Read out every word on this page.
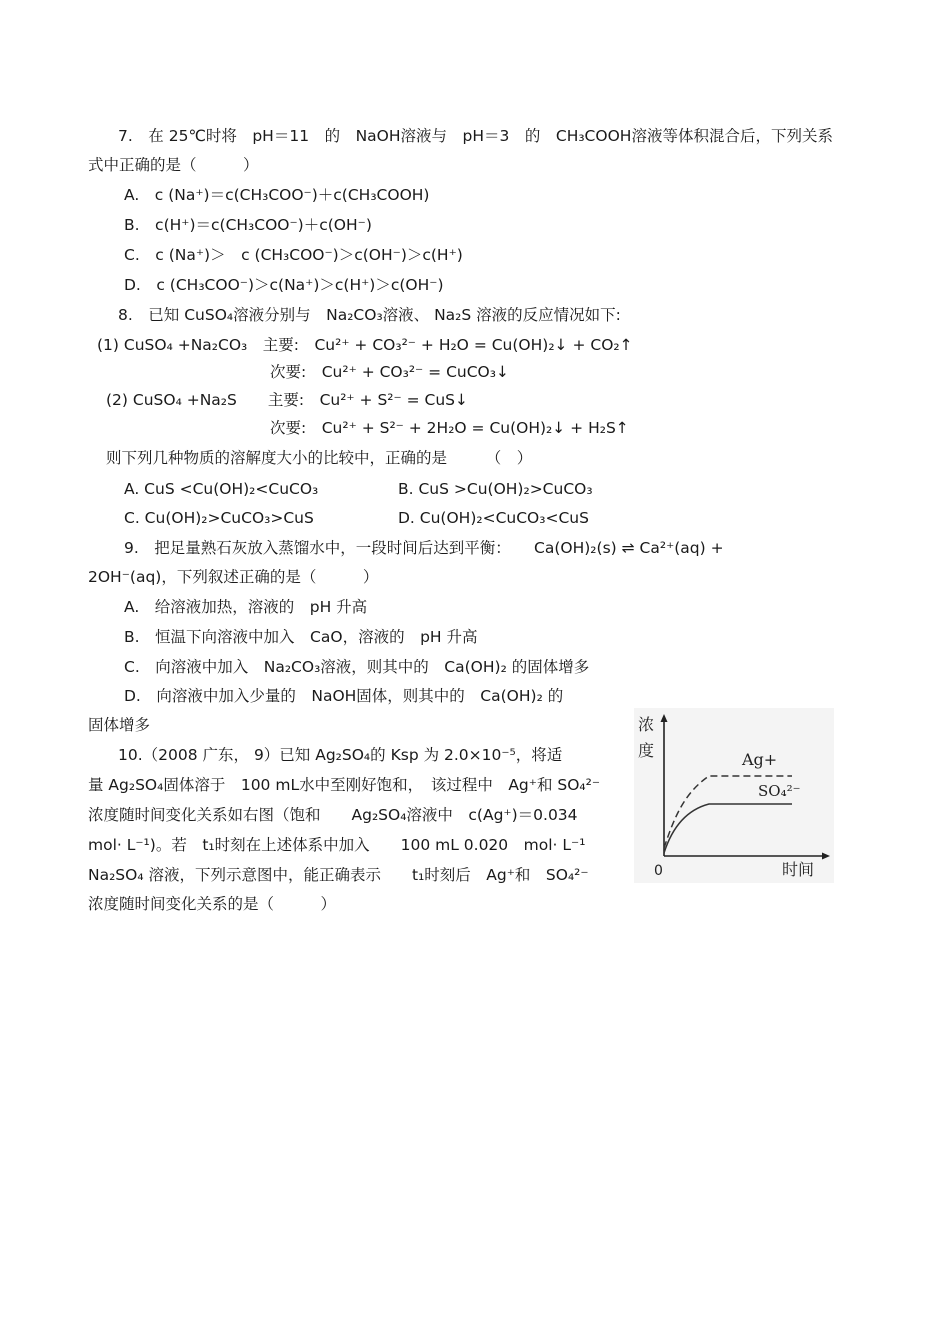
7.　在 25℃时将　pH＝11　的　NaOH溶液与　pH＝3　的　CH₃COOH溶液等体积混合后，下列关系
式中正确的是（　　　）
A.　c (Na⁺)＝c(CH₃COO⁻)＋c(CH₃COOH)
B.　c(H⁺)＝c(CH₃COO⁻)＋c(OH⁻)
C.　c (Na⁺)＞　c (CH₃COO⁻)＞c(OH⁻)＞c(H⁺)
D.　c (CH₃COO⁻)＞c(Na⁺)＞c(H⁺)＞c(OH⁻)
8.　已知 CuSO₄溶液分别与　Na₂CO₃溶液、 Na₂S 溶液的反应情况如下:
(1) CuSO₄ +Na₂CO₃　主要:　Cu²⁺ + CO₃²⁻ + H₂O = Cu(OH)₂↓ + CO₂↑
次要:　Cu²⁺ + CO₃²⁻ = CuCO₃↓
(2) CuSO₄ +Na₂S　　主要:　Cu²⁺ + S²⁻ = CuS↓
次要:　Cu²⁺ + S²⁻ + 2H₂O = Cu(OH)₂↓ + H₂S↑
则下列几种物质的溶解度大小的比较中，正确的是　　　（　）
A. CuS <Cu(OH)₂<CuCO₃	B. CuS >Cu(OH)₂>CuCO₃
C. Cu(OH)₂>CuCO₃>CuS	D. Cu(OH)₂<CuCO₃<CuS
9.　把足量熟石灰放入蒸馏水中，一段时间后达到平衡：　　Ca(OH)₂(s) ⇌ Ca²⁺(aq) +
2OH⁻(aq)，下列叙述正确的是（　　　）
A.　给溶液加热，溶液的　pH 升高
B.　恒温下向溶液中加入　CaO，溶液的　pH 升高
C.　向溶液中加入　Na₂CO₃溶液，则其中的　Ca(OH)₂ 的固体增多
D.　向溶液中加入少量的　NaOH固体，则其中的　Ca(OH)₂ 的
固体增多
10.（2008 广东， 9）已知 Ag₂SO₄的 Ksp 为 2.0×10⁻⁵，将适
量 Ag₂SO₄固体溶于　100 mL水中至刚好饱和，　该过程中　Ag⁺和 SO₄²⁻
浓度随时间变化关系如右图（饱和　　Ag₂SO₄溶液中　c(Ag⁺)＝0.034
mol· L⁻¹)。若　t₁时刻在上述体系中加入　　100 mL 0.020　mol· L⁻¹
Na₂SO₄ 溶液，下列示意图中，能正确表示　　t₁时刻后　Ag⁺和　SO₄²⁻
浓度随时间变化关系的是（　　　）
浓
度	Ag+
SO₄²⁻
0	时间
